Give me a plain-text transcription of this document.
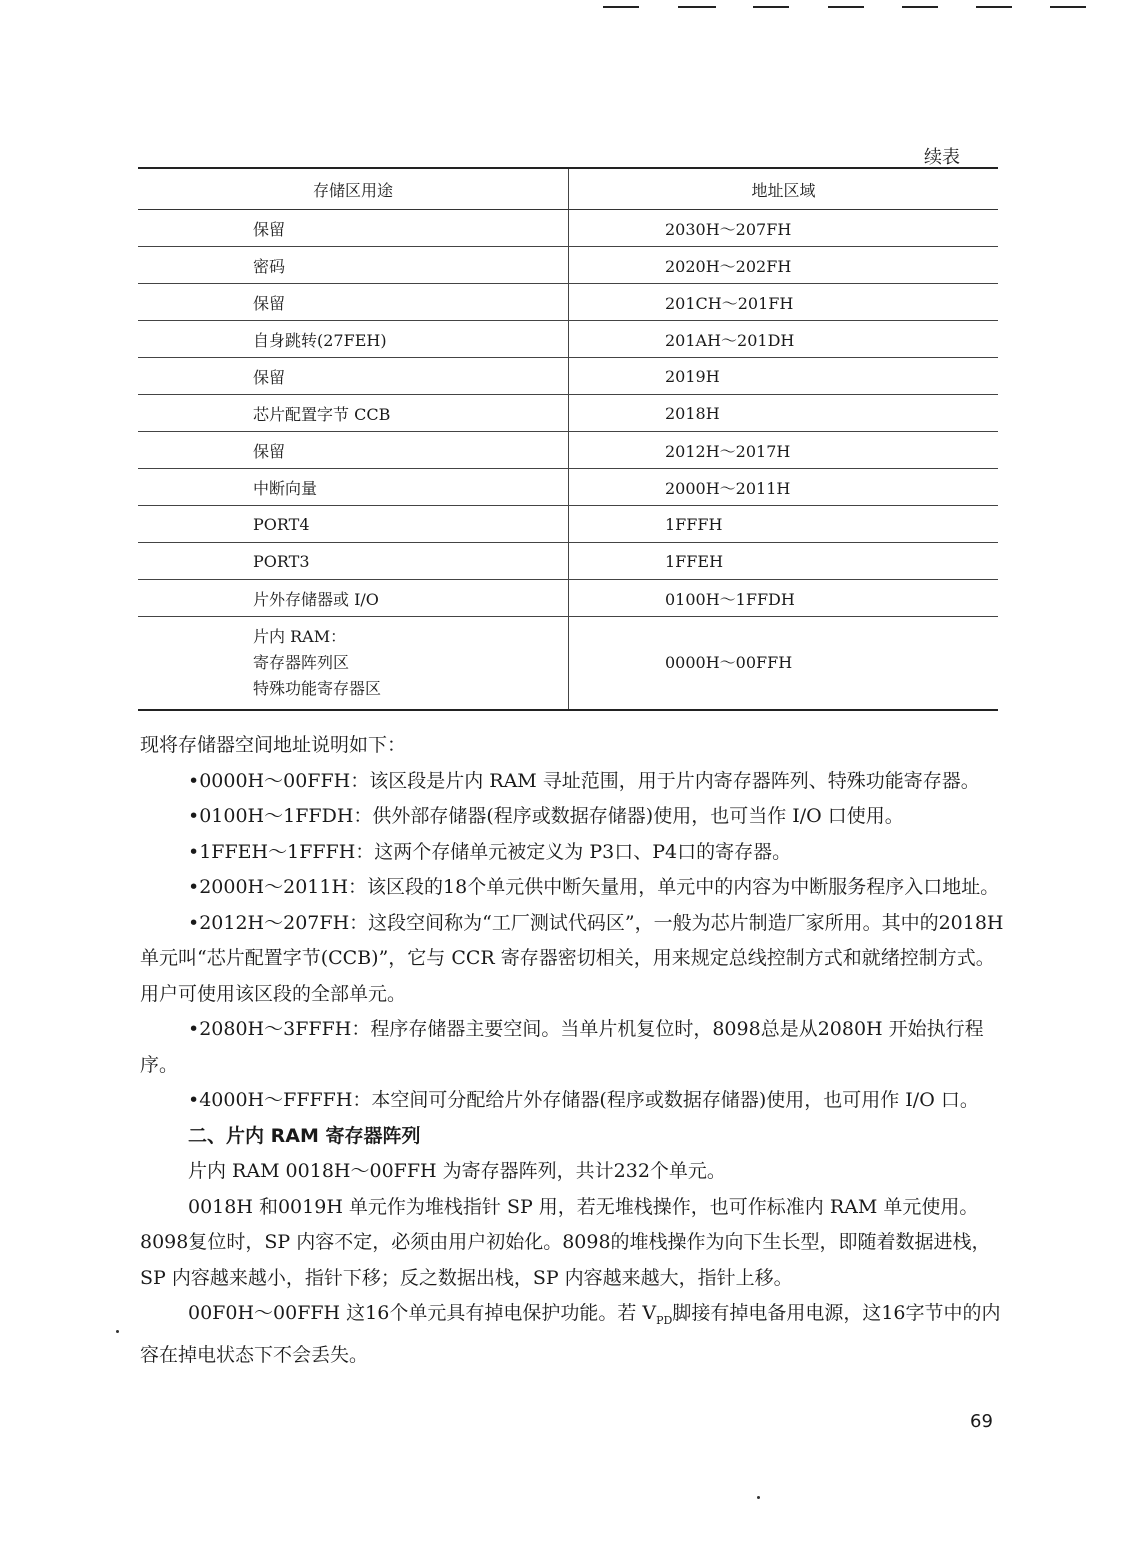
续表
存储区用途	地址区域
保留	2030H～207FH
密码	2020H～202FH
保留	201CH～201FH
自身跳转(27FEH)	201AH～201DH
保留	2019H
芯片配置字节 CCB	2018H
保留	2012H～2017H
中断向量	2000H～2011H
PORT4	1FFFH
PORT3	1FFEH
片外存储器或 I/O	0100H～1FFDH

片内 RAM：
寄存器阵列区
特殊功能寄存器区	0000H～00FFH

现将存储器空间地址说明如下：

•0000H～00FFH：该区段是片内 RAM 寻址范围，用于片内寄存器阵列、特殊功能寄存器。

•0100H～1FFDH：供外部存储器(程序或数据存储器)使用，也可当作 I/O 口使用。

•1FFEH～1FFFH：这两个存储单元被定义为 P3口、P4口的寄存器。

•2000H～2011H：该区段的18个单元供中断矢量用，单元中的内容为中断服务程序入口地址。

•2012H～207FH：这段空间称为“工厂测试代码区”，一般为芯片制造厂家所用。其中的2018H 单元叫“芯片配置字节(CCB)”，它与 CCR 寄存器密切相关，用来规定总线控制方式和就绪控制方式。用户可使用该区段的全部单元。

•2080H～3FFFH：程序存储器主要空间。当单片机复位时，8098总是从2080H 开始执行程序。

•4000H～FFFFH：本空间可分配给片外存储器(程序或数据存储器)使用，也可用作 I/O 口。

二、片内 RAM 寄存器阵列

片内 RAM 0018H～00FFH 为寄存器阵列，共计232个单元。

0018H 和0019H 单元作为堆栈指针 SP 用，若无堆栈操作，也可作标准内 RAM 单元使用。8098复位时，SP 内容不定，必须由用户初始化。8098的堆栈操作为向下生长型，即随着数据进栈，SP 内容越来越小，指针下移；反之数据出栈，SP 内容越来越大，指针上移。

00F0H～00FFH 这16个单元具有掉电保护功能。若 $V_{PD}$脚接有掉电备用电源，这16字节中的内容在掉电状态下不会丢失。

69
